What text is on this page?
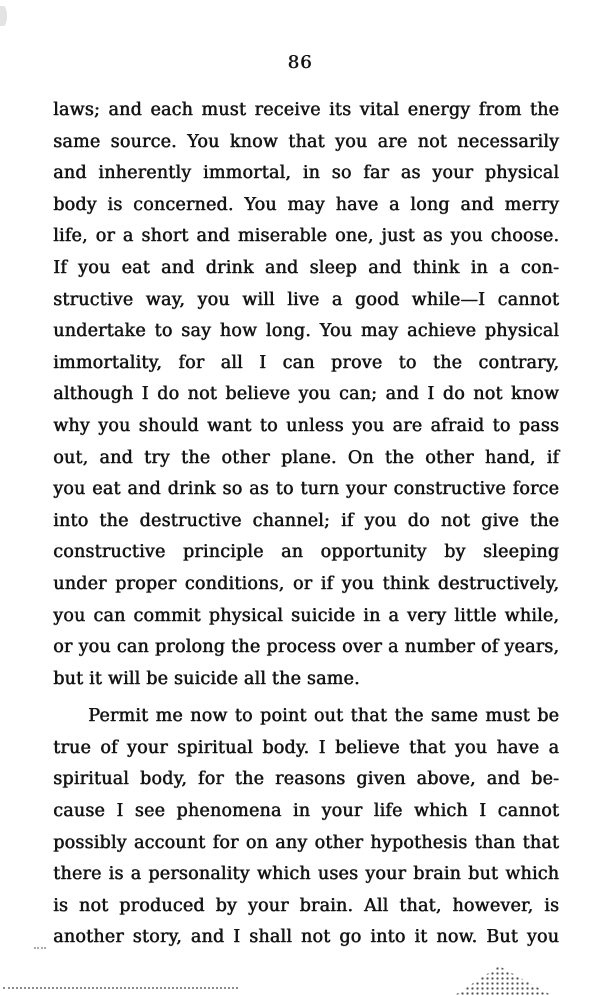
86
laws; and each must receive its vital energy from the
same source. You know that you are not necessarily
and inherently immortal, in so far as your physical
body is concerned. You may have a long and merry
life, or a short and miserable one, just as you choose.
If you eat and drink and sleep and think in a con-
structive way, you will live a good while—I cannot
undertake to say how long. You may achieve physical
immortality, for all I can prove to the contrary,
although I do not believe you can; and I do not know
why you should want to unless you are afraid to pass
out, and try the other plane. On the other hand, if
you eat and drink so as to turn your constructive force
into the destructive channel; if you do not give the
constructive principle an opportunity by sleeping
under proper conditions, or if you think destructively,
you can commit physical suicide in a very little while,
or you can prolong the process over a number of years,
but it will be suicide all the same.
Permit me now to point out that the same must be
true of your spiritual body. I believe that you have a
spiritual body, for the reasons given above, and be-
cause I see phenomena in your life which I cannot
possibly account for on any other hypothesis than that
there is a personality which uses your brain but which
is not produced by your brain. All that, however, is
another story, and I shall not go into it now. But you
